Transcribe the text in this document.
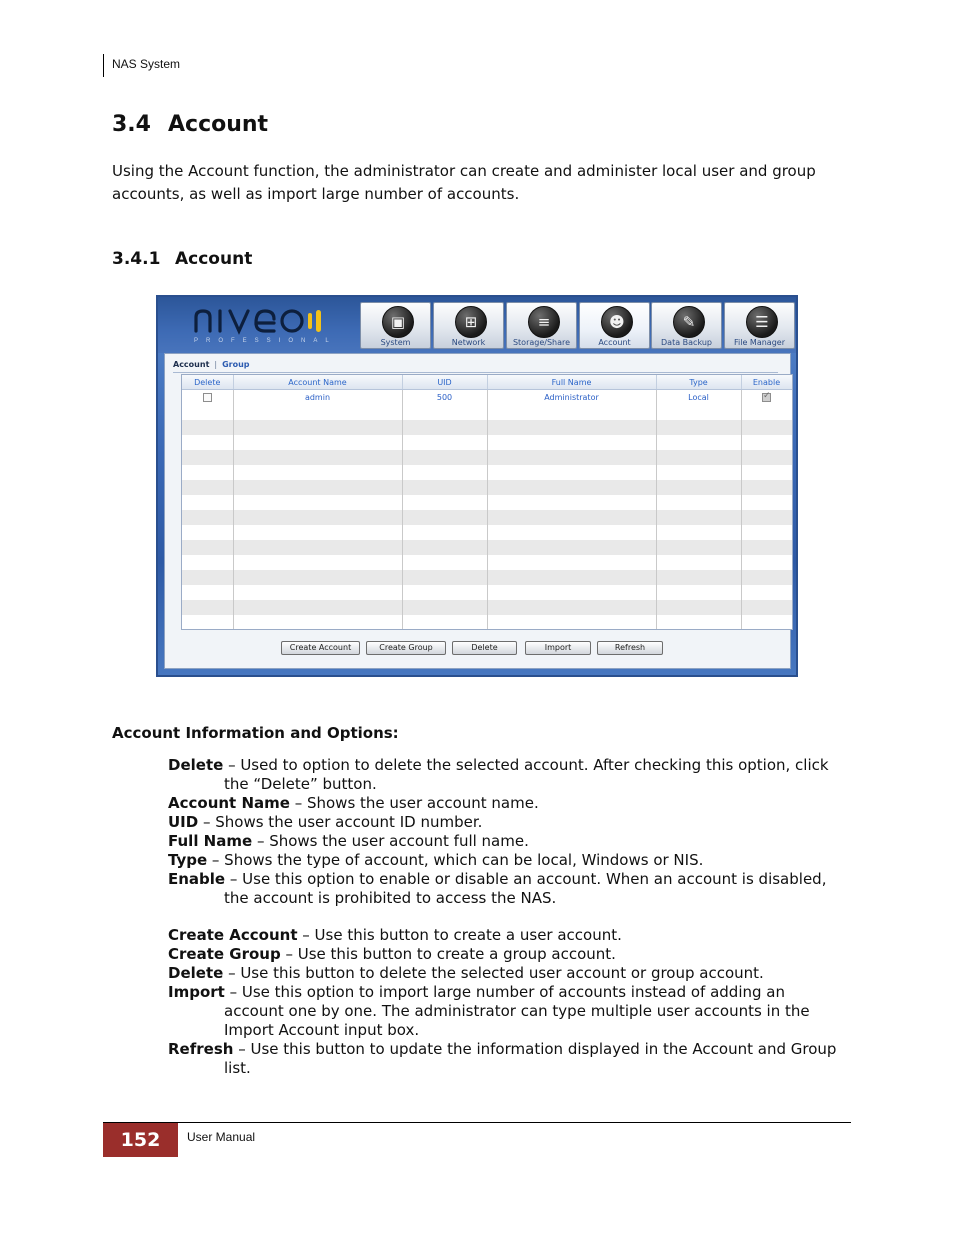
NAS System
3.4 Account

Using the Account function, the administrator can create and administer local user and group accounts, as well as import large number of accounts.

3.4.1 Account
PROFESSIONAL
▣
System
⊞
Network
≡
Storage/Share
☻
Account
✎
Data Backup
☰
File Manager
Account | Group
Delete	Account Name	UID	Full Name	Type	Enable
	admin	500	Administrator	Local	✓

Create Account	Create Group	Delete	Import	Refresh

Account Information and Options:

Delete – Used to option to delete the selected account. After checking this option, click the “Delete” button.

Account Name – Shows the user account name.

UID – Shows the user account ID number.

Full Name – Shows the user account full name.

Type – Shows the type of account, which can be local, Windows or NIS.

Enable – Use this option to enable or disable an account. When an account is disabled, the account is prohibited to access the NAS.

Create Account – Use this button to create a user account.

Create Group – Use this button to create a group account.

Delete – Use this button to delete the selected user account or group account.

Import – Use this option to import large number of accounts instead of adding an account one by one. The administrator can type multiple user accounts in the Import Account input box.

Refresh – Use this button to update the information displayed in the Account and Group list.

152	User Manual
